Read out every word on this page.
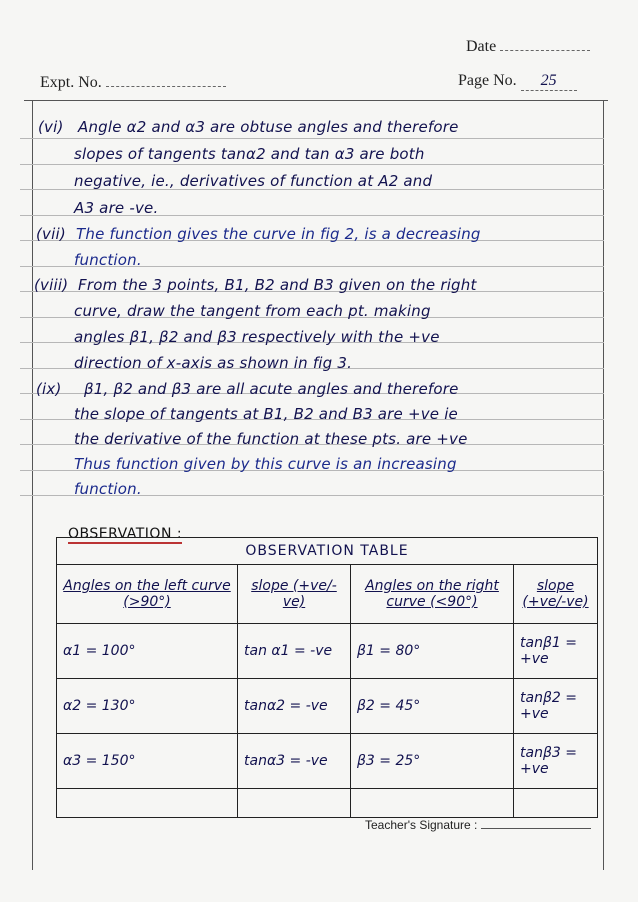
Date
Expt. No.	Page No. 25
(vi) Angle α2 and α3 are obtuse angles and therefore
slopes of tangents tanα2 and tan α3 are both
negative, ie., derivatives of function at A2 and
A3 are -ve.
(vii) The function gives the curve in fig 2, is a decreasing
function.
(viii) From the 3 points, B1, B2 and B3 given on the right
curve, draw the tangent from each pt. making
angles β1, β2 and β3 respectively with the +ve
direction of x-axis as shown in fig 3.
(ix) β1, β2 and β3 are all acute angles and therefore
the slope of tangents at B1, B2 and B3 are +ve ie
the derivative of the function at these pts. are +ve
Thus function given by this curve is an increasing
function.
OBSERVATION :
OBSERVATION TABLE			
Angles on the left curve (>90°)	slope (+ve/-ve)	Angles on the right curve (<90°)	slope (+ve/-ve)
α1 = 100°	tan α1 = -ve	β1 = 80°	tanβ1 = +ve
α2 = 130°	tanα2 = -ve	β2 = 45°	tanβ2 = +ve
α3 = 150°	tanα3 = -ve	β3 = 25°	tanβ3 = +ve

Teacher's Signature :
